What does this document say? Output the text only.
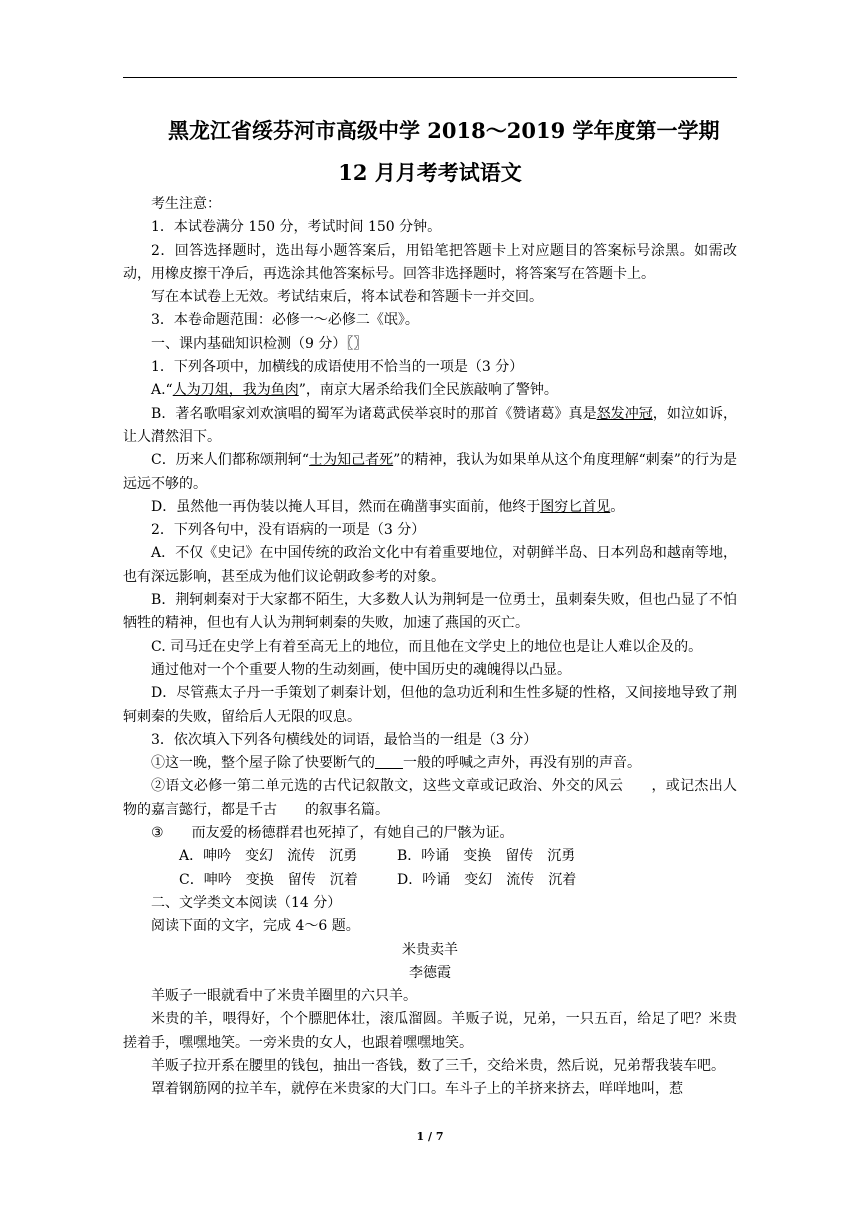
黑龙江省绥芬河市高级中学 2018～2019 学年度第一学期
12 月月考考试语文

考生注意：

1．本试卷满分 150 分，考试时间 150 分钟。

2．回答选择题时，选出每小题答案后，用铅笔把答题卡上对应题目的答案标号涂黑。如需改动，用橡皮擦干净后，再选涂其他答案标号。回答非选择题时，将答案写在答题卡上。

写在本试卷上无效。考试结束后，将本试卷和答题卡一并交回。

3．本卷命题范围：必修一～必修二《氓》。

一、课内基础知识检测（9 分）〖〗

1．下列各项中，加横线的成语使用不恰当的一项是（3 分）

A.“人为刀俎，我为鱼肉”，南京大屠杀给我们全民族敲响了警钟。

B．著名歌唱家刘欢演唱的蜀军为诸葛武侯举哀时的那首《赞诸葛》真是怒发冲冠，如泣如诉，让人潸然泪下。

C．历来人们都称颂荆轲“士为知己者死”的精神，我认为如果单从这个角度理解“刺秦”的行为是远远不够的。

D．虽然他一再伪装以掩人耳目，然而在确凿事实面前，他终于图穷匕首见。

2．下列各句中，没有语病的一项是（3 分）

A．不仅《史记》在中国传统的政治文化中有着重要地位，对朝鲜半岛、日本列岛和越南等地，也有深远影响，甚至成为他们议论朝政参考的对象。

B．荆轲刺秦对于大家都不陌生，大多数人认为荆轲是一位勇士，虽刺秦失败，但也凸显了不怕牺牲的精神，但也有人认为荆轲刺秦的失败，加速了燕国的灭亡。

C. 司马迁在史学上有着至高无上的地位，而且他在文学史上的地位也是让人难以企及的。

通过他对一个个重要人物的生动刻画，使中国历史的魂魄得以凸显。

D．尽管燕太子丹一手策划了刺秦计划，但他的急功近利和生性多疑的性格，又间接地导致了荆轲刺秦的失败，留给后人无限的叹息。

3．依次填入下列各句横线处的词语，最恰当的一组是（3 分）

①这一晚，整个屋子除了快要断气的 一般的呼喊之声外，再没有别的声音。

②语文必修一第二单元选的古代记叙散文，这些文章或记政治、外交的风云 ，或记杰出人物的嘉言懿行，都是千古 的叙事名篇。

③ 而友爱的杨德群君也死掉了，有她自己的尸骸为证。

A．呻吟　变幻　流传　沉勇	B．吟诵　变换　留传　沉勇

C．呻吟　变换　留传　沉着	D．吟诵　变幻　流传　沉着

二、文学类文本阅读（14 分）

阅读下面的文字，完成 4～6 题。

米贵卖羊

李德霞

羊贩子一眼就看中了米贵羊圈里的六只羊。

米贵的羊，喂得好，个个膘肥体壮，滚瓜溜圆。羊贩子说，兄弟，一只五百，给足了吧？米贵搓着手，嘿嘿地笑。一旁米贵的女人，也跟着嘿嘿地笑。

羊贩子拉开系在腰里的钱包，抽出一沓钱，数了三千，交给米贵，然后说，兄弟帮我装车吧。

罩着钢筋网的拉羊车，就停在米贵家的大门口。车斗子上的羊挤来挤去，咩咩地叫，惹

1 / 7
